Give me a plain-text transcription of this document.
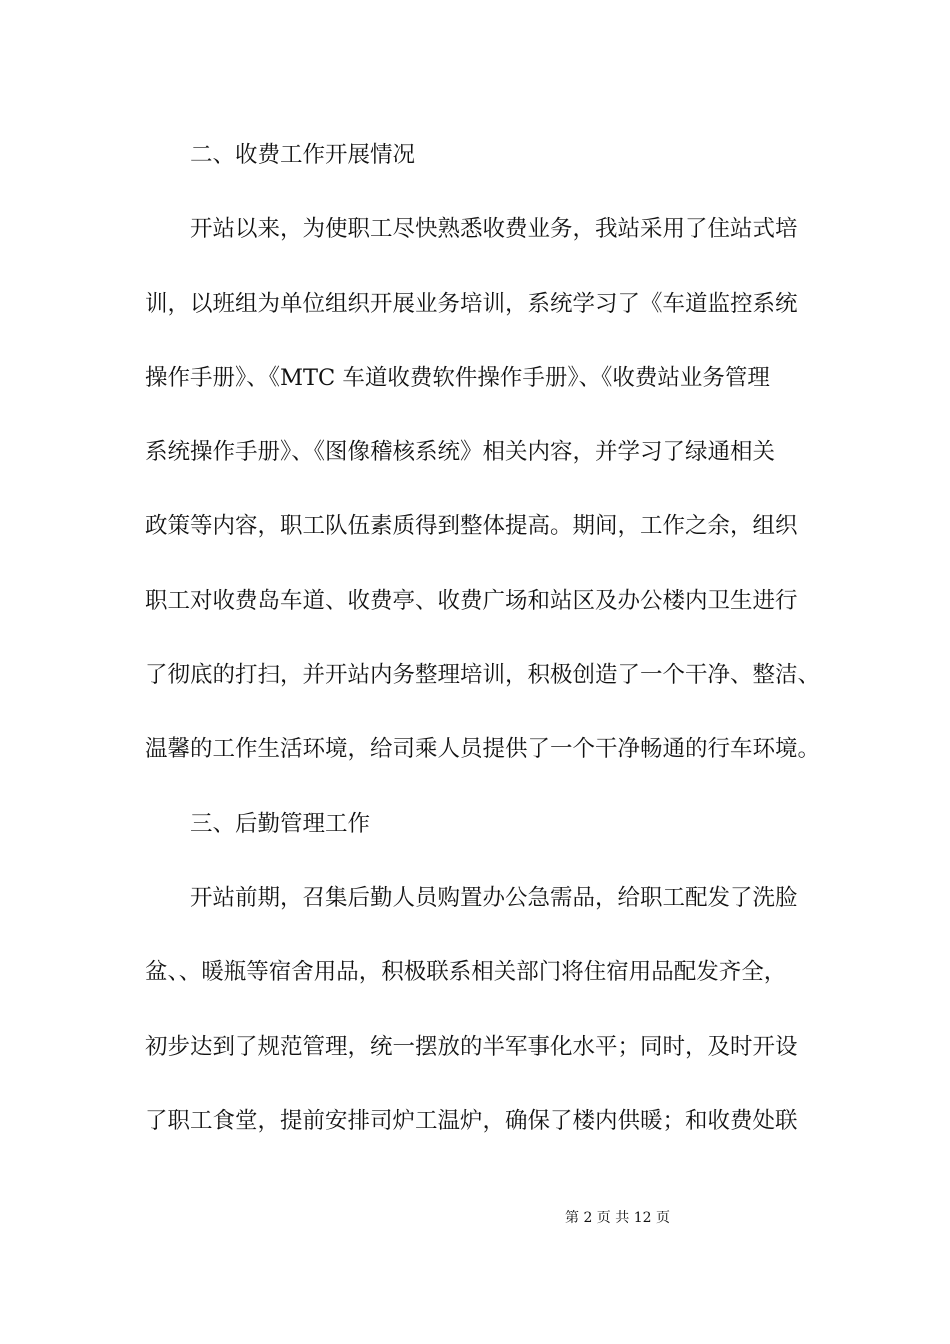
二、收费工作开展情况
开站以来，为使职工尽快熟悉收费业务，我站采用了住站式培
训，以班组为单位组织开展业务培训，系统学习了《车道监控系统
操作手册》、《MTC 车道收费软件操作手册》、《收费站业务管理
系统操作手册》、《图像稽核系统》相关内容，并学习了绿通相关
政策等内容，职工队伍素质得到整体提高。期间，工作之余，组织
职工对收费岛车道、收费亭、收费广场和站区及办公楼内卫生进行
了彻底的打扫，并开站内务整理培训，积极创造了一个干净、整洁、
温馨的工作生活环境，给司乘人员提供了一个干净畅通的行车环境。
三、后勤管理工作
开站前期，召集后勤人员购置办公急需品，给职工配发了洗脸
盆、、暖瓶等宿舍用品，积极联系相关部门将住宿用品配发齐全，
初步达到了规范管理，统一摆放的半军事化水平；同时，及时开设
了职工食堂，提前安排司炉工温炉，确保了楼内供暖；和收费处联
第 2 页 共 12 页
